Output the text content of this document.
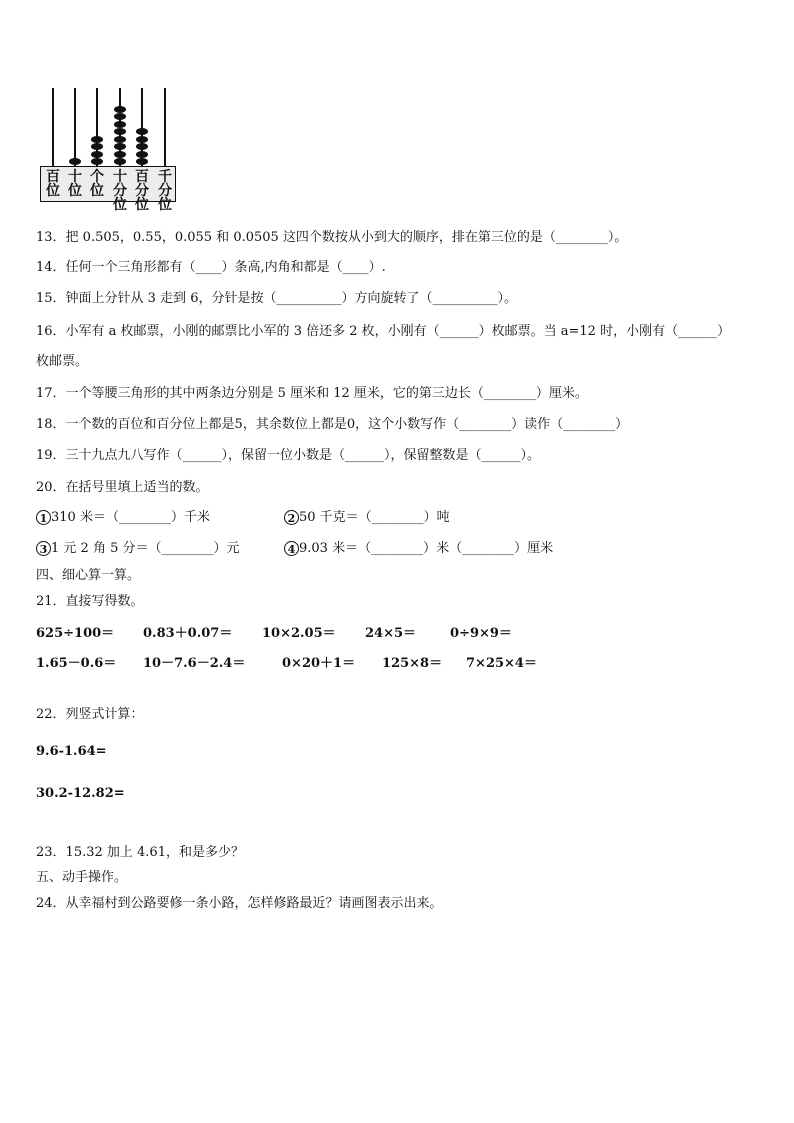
百位
十位
个位
十分位
百分位
千分位
13．把 0.505，0.55，0.055 和 0.0505 这四个数按从小到大的顺序，排在第三位的是（________）。
14．任何一个三角形都有（____）条高,内角和都是（____）.
15．钟面上分针从 3 走到 6，分针是按（__________）方向旋转了（__________）。
16．小军有 a 枚邮票，小刚的邮票比小军的 3 倍还多 2 枚，小刚有（______）枚邮票。当 a=12 时，小刚有（______）
枚邮票。
17．一个等腰三角形的其中两条边分别是 5 厘米和 12 厘米，它的第三边长（________）厘米。
18．一个数的百位和百分位上都是5，其余数位上都是0，这个小数写作（________）读作（________）
19．三十九点九八写作（______），保留一位小数是（______），保留整数是（______）。
20．在括号里填上适当的数。
1 310 米＝（________）千米	2 50 千克＝（________）吨
3 1 元 2 角 5 分＝（________）元	4 9.03 米＝（________）米（________）厘米
四、细心算一算。
21．直接写得数。
625÷100＝ 0.83＋0.07＝ 10×2.05＝ 24×5＝	0÷9×9＝
1.65－0.6＝ 10－7.6－2.4＝	0×20＋1＝ 125×8＝ 7×25×4＝
22．列竖式计算：
9.6-1.64=
30.2-12.82=
23．15.32 加上 4.61，和是多少？
五、动手操作。
24．从幸福村到公路要修一条小路，怎样修路最近？请画图表示出来。
